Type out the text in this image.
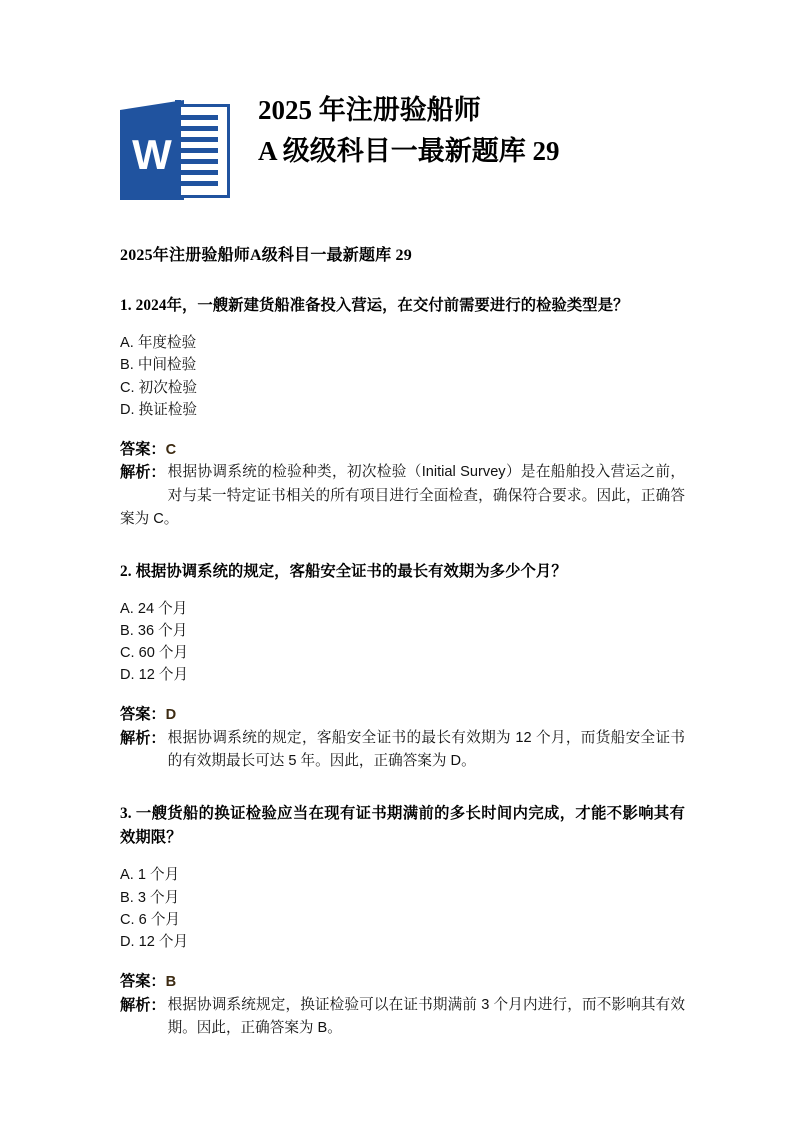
W
2025 年注册验船师
A 级级科目一最新题库 29
2025年注册验船师A级科目一最新题库 29
1. 2024年，一艘新建货船准备投入营运，在交付前需要进行的检验类型是？
A. 年度检验
B. 中间检验
C. 初次检验
D. 换证检验
答案：C
解析： 根据协调系统的检验种类，初次检验（Initial Survey）是在船舶投入营运之前，对与某一特定证书相关的所有项目进行全面检查，确保符合要求。因此，正确答案为 C。
2. 根据协调系统的规定，客船安全证书的最长有效期为多少个月？
A. 24 个月
B. 36 个月
C. 60 个月
D. 12 个月
答案：D
解析： 根据协调系统的规定，客船安全证书的最长有效期为 12 个月，而货船安全证书的有效期最长可达 5 年。因此，正确答案为 D。
3. 一艘货船的换证检验应当在现有证书期满前的多长时间内完成，才能不影响其有效期限？
A. 1 个月
B. 3 个月
C. 6 个月
D. 12 个月
答案：B
解析： 根据协调系统规定，换证检验可以在证书期满前 3 个月内进行，而不影响其有效期。因此，正确答案为 B。
